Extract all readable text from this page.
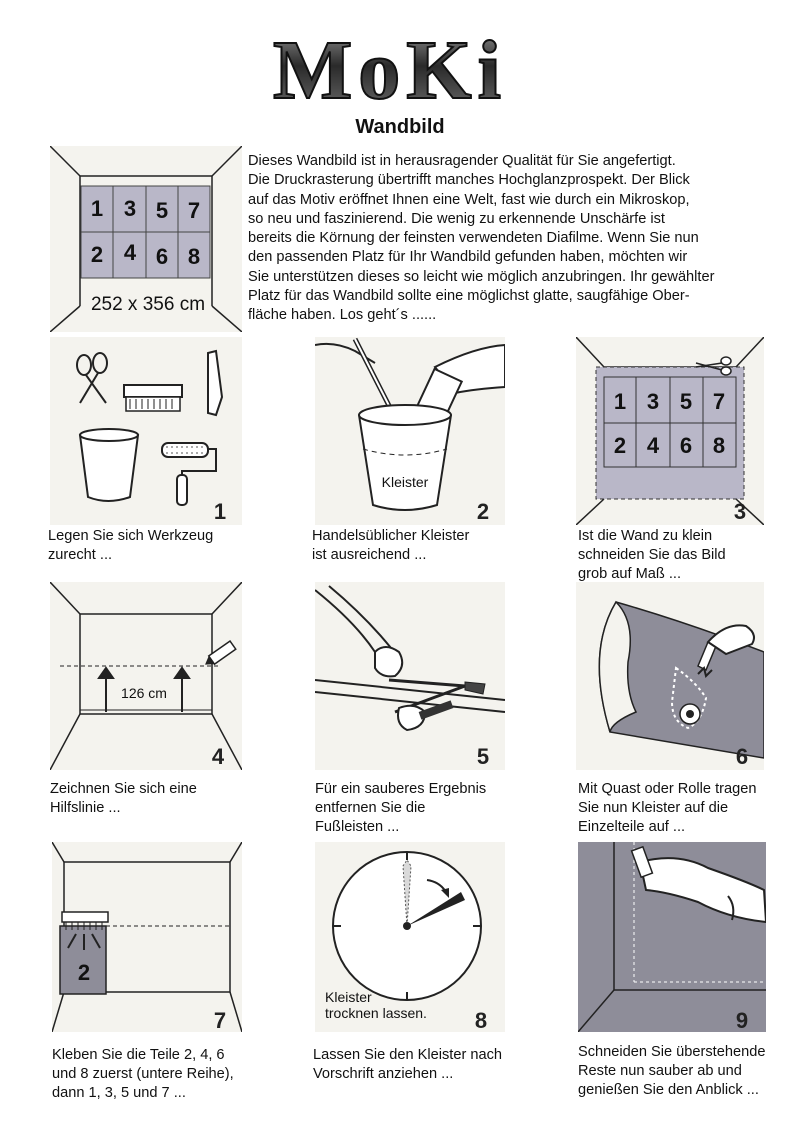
MoKi
Wandbild
1 3 5 7
2 4 6 8
252 x 356 cm

Dieses Wandbild ist in herausragender Qualität für Sie angefertigt.

Die Druckrasterung übertrifft manches Hochglanzprospekt. Der Blick

auf das Motiv eröffnet Ihnen eine Welt, fast wie durch ein Mikroskop,

so neu und faszinierend. Die wenig zu erkennende Unschärfe ist

bereits die Körnung der feinsten verwendeten Diafilme. Wenn Sie nun

den passenden Platz für Ihr Wandbild gefunden haben, möchten wir

Sie unterstützen dieses so leicht wie möglich anzubringen. Ihr gewählter

Platz für das Wandbild sollte eine möglichst glatte, saugfähige Ober-

fläche haben. Los geht´s ......

1

Legen Sie sich Werkzeug

zurecht ...

Kleister
2

Handelsüblicher Kleister

ist ausreichend ...

1 3 5 7
2 4 6 8
3

Ist die Wand zu klein

schneiden Sie das Bild

grob auf Maß ...

126 cm
4

Zeichnen Sie sich eine

Hilfslinie ...

5

Für ein sauberes Ergebnis

entfernen Sie die

Fußleisten ...

6

Mit Quast oder Rolle tragen

Sie nun Kleister auf die

Einzelteile auf ...

2
7

Kleben Sie die Teile 2, 4, 6

und 8 zuerst (untere Reihe),

dann 1, 3, 5 und 7 ...

Kleister
trocknen lassen. 8

Lassen Sie den Kleister nach

Vorschrift anziehen ...

9

Schneiden Sie überstehende

Reste nun sauber ab und

genießen Sie den Anblick ...
